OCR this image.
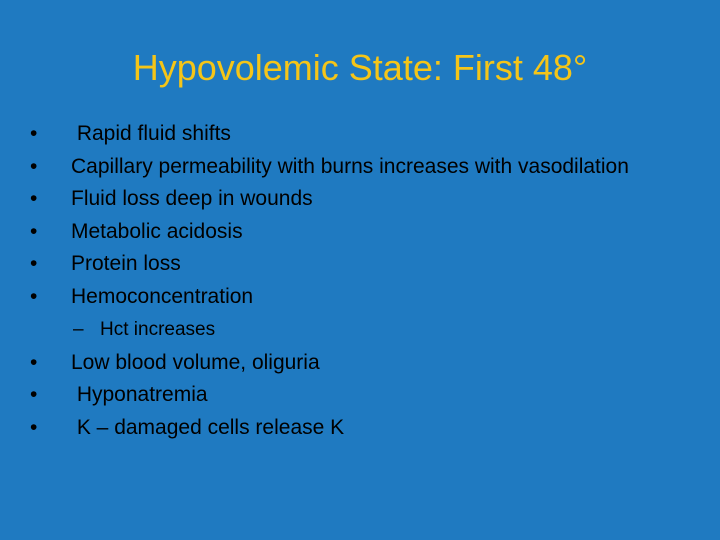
Hypovolemic State: First 48°
•	Rapid fluid shifts
•	Capillary permeability with burns increases with vasodilation
•	Fluid loss deep in wounds
•	Metabolic acidosis
•	Protein loss
•	Hemoconcentration
– Hct increases
•	Low blood volume, oliguria
•	Hyponatremia
•	K – damaged cells release K
